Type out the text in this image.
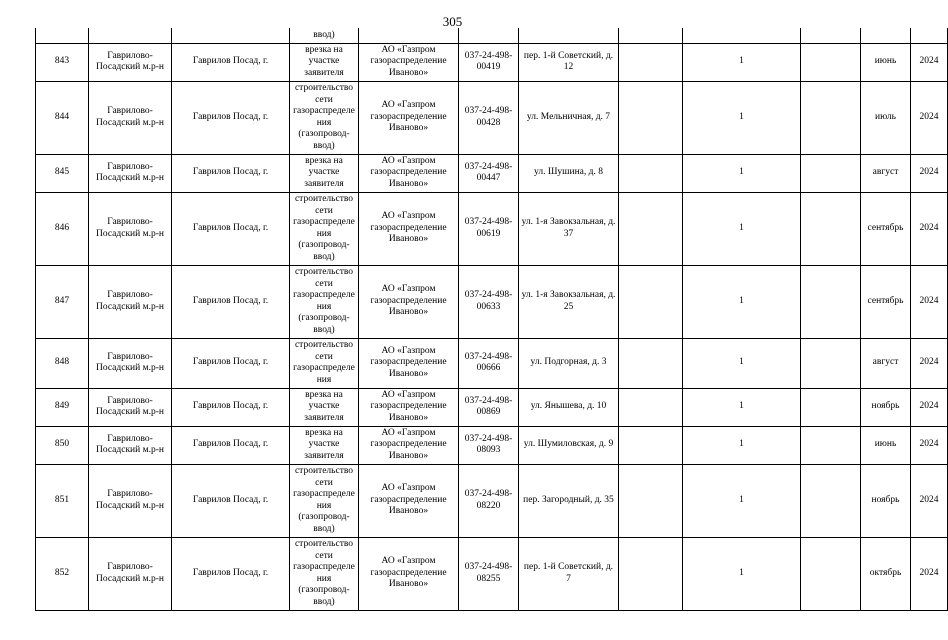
305
			ввод)								
843	Гаврилово-Посадский м.р-н	Гаврилов Посад, г.	врезка на участке заявителя	АО «Газпром газораспределение Иваново»	037-24-498-00419	пер. 1-й Советский, д. 12		1		июнь	2024
844	Гаврилово-Посадский м.р-н	Гаврилов Посад, г.	строительство сети газораспределения (газопровод-ввод)	АО «Газпром газораспределение Иваново»	037-24-498-00428	ул. Мельничная, д. 7		1		июль	2024
845	Гаврилово-Посадский м.р-н	Гаврилов Посад, г.	врезка на участке заявителя	АО «Газпром газораспределение Иваново»	037-24-498-00447	ул. Шушина, д. 8		1		август	2024
846	Гаврилово-Посадский м.р-н	Гаврилов Посад, г.	строительство сети газораспределения (газопровод-ввод)	АО «Газпром газораспределение Иваново»	037-24-498-00619	ул. 1-я Завокзальная, д. 37		1		сентябрь	2024
847	Гаврилово-Посадский м.р-н	Гаврилов Посад, г.	строительство сети газораспределения (газопровод-ввод)	АО «Газпром газораспределение Иваново»	037-24-498-00633	ул. 1-я Завокзальная, д. 25		1		сентябрь	2024
848	Гаврилово-Посадский м.р-н	Гаврилов Посад, г.	строительство сети газораспределения	АО «Газпром газораспределение Иваново»	037-24-498-00666	ул. Подгорная, д. 3		1		август	2024
849	Гаврилово-Посадский м.р-н	Гаврилов Посад, г.	врезка на участке заявителя	АО «Газпром газораспределение Иваново»	037-24-498-00869	ул. Янышева, д. 10		1		ноябрь	2024
850	Гаврилово-Посадский м.р-н	Гаврилов Посад, г.	врезка на участке заявителя	АО «Газпром газораспределение Иваново»	037-24-498-08093	ул. Шумиловская, д. 9		1		июнь	2024
851	Гаврилово-Посадский м.р-н	Гаврилов Посад, г.	строительство сети газораспределения (газопровод-ввод)	АО «Газпром газораспределение Иваново»	037-24-498-08220	пер. Загородный, д. 35		1		ноябрь	2024
852	Гаврилово-Посадский м.р-н	Гаврилов Посад, г.	строительство сети газораспределения (газопровод-ввод)	АО «Газпром газораспределение Иваново»	037-24-498-08255	пер. 1-й Советский, д. 7		1		октябрь	2024
